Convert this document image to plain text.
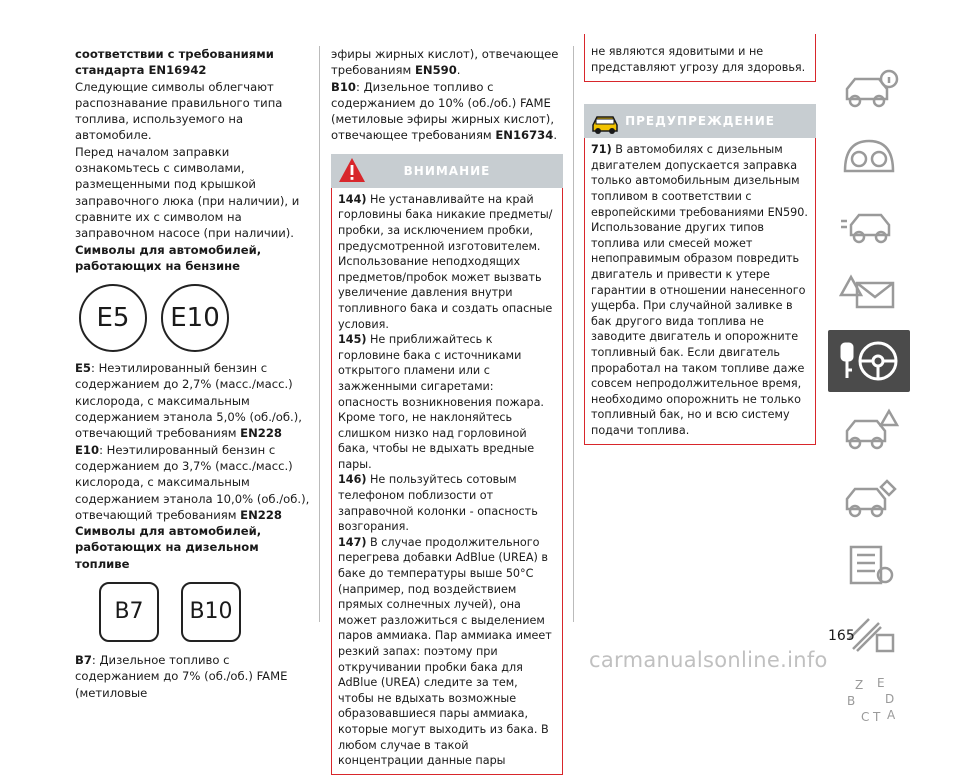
соответствии с требованиями стандарта EN16942

Следующие символы облегчают распознавание правильного типа топлива, используемого на автомобиле.

Перед началом заправки ознакомьтесь с символами, размещенными под крышкой заправочного люка (при наличии), и сравните их с символом на заправочном насосе (при наличии).

Символы для автомобилей, работающих на бензине

E5	E10

E5: Неэтилированный бензин с содержанием до 2,7% (масс./масс.) кислорода, с максимальным содержанием этанола 5,0% (об./об.), отвечающий требованиям EN228

E10: Неэтилированный бензин с содержанием до 3,7% (масс./масс.) кислорода, с максимальным содержанием этанола 10,0% (об./об.), отвечающий требованиям EN228

Символы для автомобилей, работающих на дизельном топливе

B7	B10

B7: Дизельное топливо с содержанием до 7% (об./об.) FAME (метиловые

эфиры жирных кислот), отвечающее требованиям EN590.

B10: Дизельное топливо с содержанием до 10% (об./об.) FAME (метиловые эфиры жирных кислот), отвечающее требованиям EN16734.

ВНИМАНИЕ

144) Не устанавливайте на край горловины бака никакие предметы/пробки, за исключением пробки, предусмотренной изготовителем. Использование неподходящих предметов/пробок может вызвать увеличение давления внутри топливного бака и создать опасные условия.

145) Не приближайтесь к горловине бака с источниками открытого пламени или с зажженными сигаретами: опасность возникновения пожара. Кроме того, не наклоняйтесь слишком низко над горловиной бака, чтобы не вдыхать вредные пары.

146) Не пользуйтесь сотовым телефоном поблизости от заправочной колонки - опасность возгорания.

147) В случае продолжительного перегрева добавки AdBlue (UREA) в баке до температуры выше 50°C (например, под воздействием прямых солнечных лучей), она может разложиться с выделением паров аммиака. Пар аммиака имеет резкий запах: поэтому при откручивании пробки бака для AdBlue (UREA) следите за тем, чтобы не вдыхать возможные образовавшиеся пары аммиака, которые могут выходить из бака. В любом случае в такой концентрации данные пары

не являются ядовитыми и не представляют угрозу для здоровья.

ПРЕДУПРЕЖДЕНИЕ

71) В автомобилях с дизельным двигателем допускается заправка только автомобильным дизельным топливом в соответствии с европейскими требованиями EN590. Использование других типов топлива или смесей может непоправимым образом повредить двигатель и привести к утере гарантии в отношении нанесенного ущерба. При случайной заливке в бак другого вида топлива не заводите двигатель и опорожните топливный бак. Если двигатель проработал на таком топливе даже совсем непродолжительное время, необходимо опорожнить не только топливный бак, но и всю систему подачи топлива.

Z E
B D
C T A
165
carmanualsonline.info
